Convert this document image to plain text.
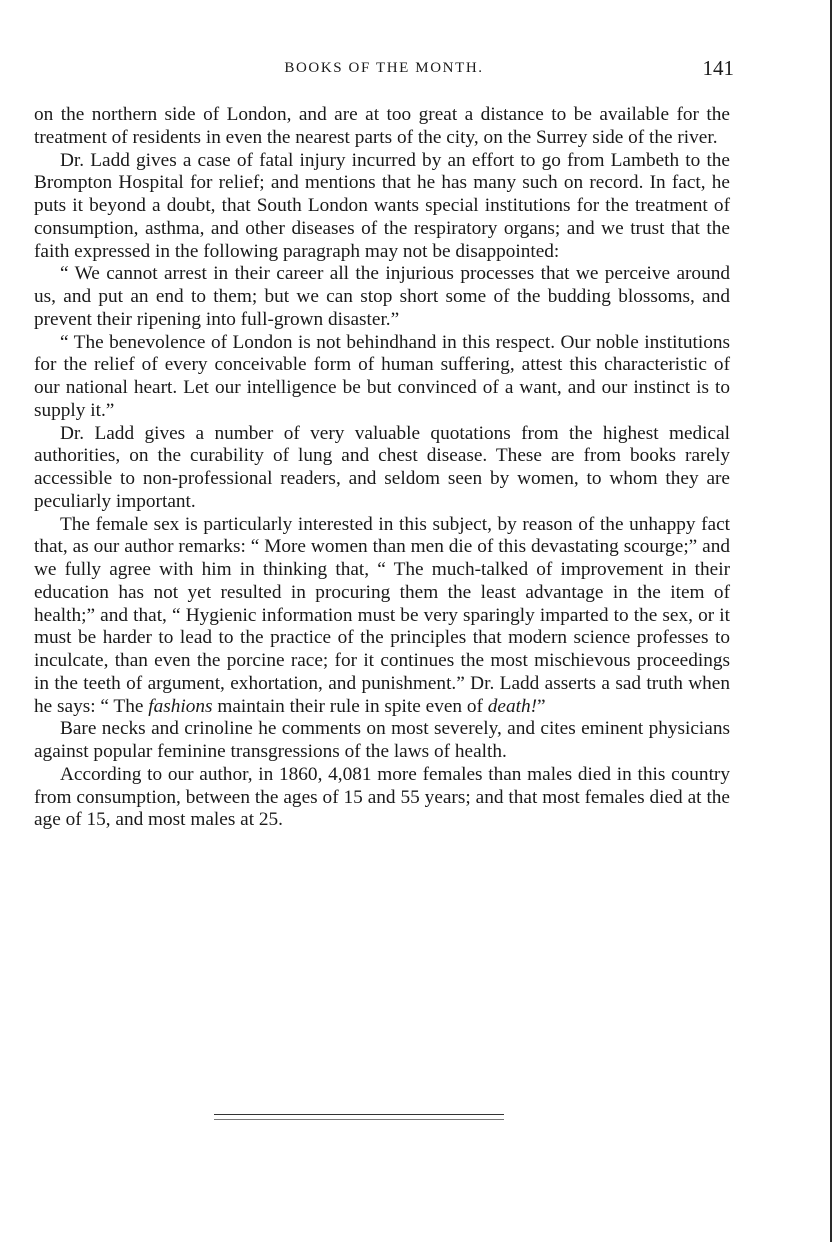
BOOKS OF THE MONTH.	141

on the northern side of London, and are at too great a distance to be available for the treatment of residents in even the nearest parts of the city, on the Surrey side of the river.

Dr. Ladd gives a case of fatal injury incurred by an effort to go from Lambeth to the Brompton Hospital for relief; and mentions that he has many such on record. In fact, he puts it beyond a doubt, that South London wants special institutions for the treatment of consumption, asthma, and other diseases of the respiratory organs; and we trust that the faith expressed in the following paragraph may not be disappointed:

“ We cannot arrest in their career all the injurious processes that we perceive around us, and put an end to them; but we can stop short some of the budding blossoms, and prevent their ripening into full-grown disaster.”

“ The benevolence of London is not behindhand in this respect. Our noble institutions for the relief of every conceivable form of human suffering, attest this characteristic of our national heart. Let our intelligence be but convinced of a want, and our instinct is to supply it.”

Dr. Ladd gives a number of very valuable quotations from the highest medical authorities, on the curability of lung and chest disease. These are from books rarely accessible to non-professional readers, and seldom seen by women, to whom they are peculiarly important.

The female sex is particularly interested in this subject, by reason of the unhappy fact that, as our author remarks: “ More women than men die of this devastating scourge;” and we fully agree with him in thinking that, “ The much-talked of improvement in their education has not yet resulted in procuring them the least advantage in the item of health;” and that, “ Hygienic information must be very sparingly imparted to the sex, or it must be harder to lead to the practice of the principles that modern science professes to inculcate, than even the porcine race; for it continues the most mischievous proceedings in the teeth of argument, exhortation, and punishment.” Dr. Ladd asserts a sad truth when he says: “ The fashions maintain their rule in spite even of death!”

Bare necks and crinoline he comments on most severely, and cites eminent physicians against popular feminine transgressions of the laws of health.

According to our author, in 1860, 4,081 more females than males died in this country from consumption, between the ages of 15 and 55 years; and that most females died at the age of 15, and most males at 25.
